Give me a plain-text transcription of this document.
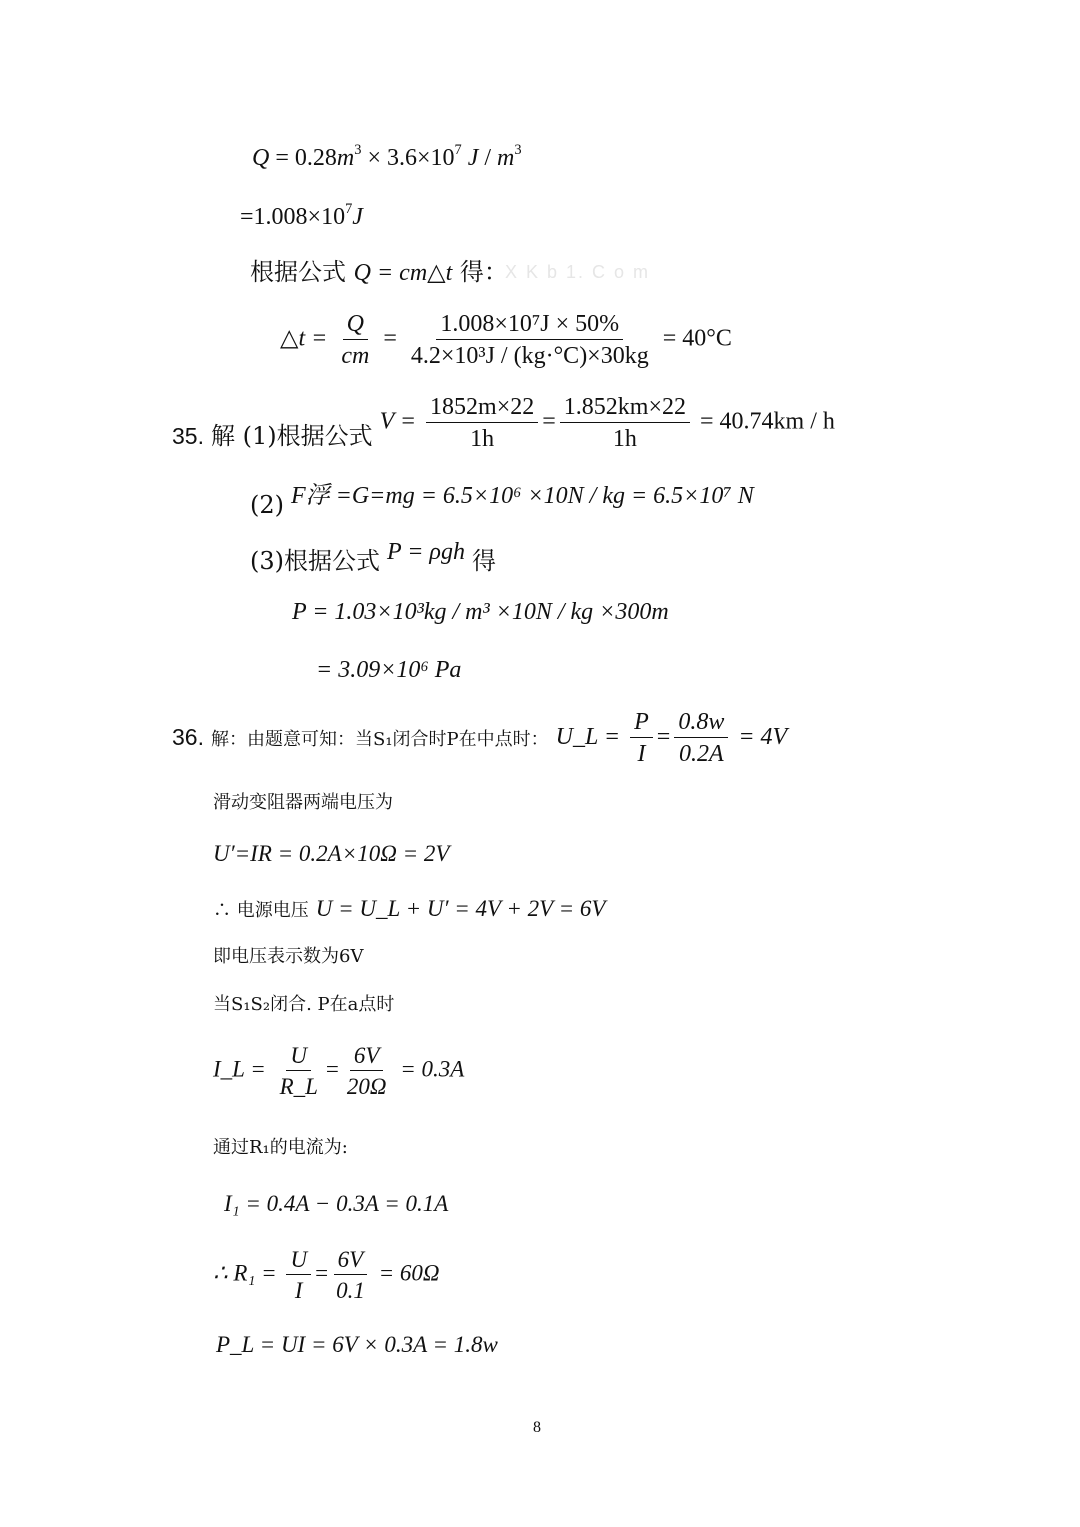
$Q = 0.28m^3 \times 3.6\times 10^7$ J / $m^3$
$=1.008\times 10^7J$
根据公式 Q = cm△t 得：
X K b 1. C o m
△t = $\frac{Q}{cm} = \frac{\text{1.008×10⁷J × 50\%}}{\text{4.2×10³J / (kg·°C)×30kg}} = 40^\circ C$
35. 解 (1)根据公式 $V = \frac{1852m\times 22}{1h} = \frac{1.852km\times 22}{1h} = 40.74km / h$
(2) F浮 =G=mg = 6.5×10⁶ ×10N / kg = 6.5×10⁷ N
(3)根据公式 P = ρgh 得
P = 1.03×10³kg / m³ ×10N / kg ×300m
= 3.09×10⁶ Pa
36. 解：由题意可知：当S₁闭合时P在中点时： U_L = $\frac{P}{I} = \frac{0.8w}{0.2A} = 4V$
滑动变阻器两端电压为
U′=IR = 0.2A×10Ω = 2V
∴ 电源电压 U = U_L + U′ = 4V + 2V = 6V
即电压表示数为6V
当S₁S₂闭合. P在a点时
I_L = $\frac{U}{R\_L} = \frac{6V}{20\Omega} = 0.3A$
通过R₁的电流为:
I₁ = 0.4A − 0.3A = 0.1A
∴ $R_1 = \frac{U}{I} = \frac{6V}{0.1} = 60\Omega$
P_L = UI = 6V × 0.3A = 1.8w
8
